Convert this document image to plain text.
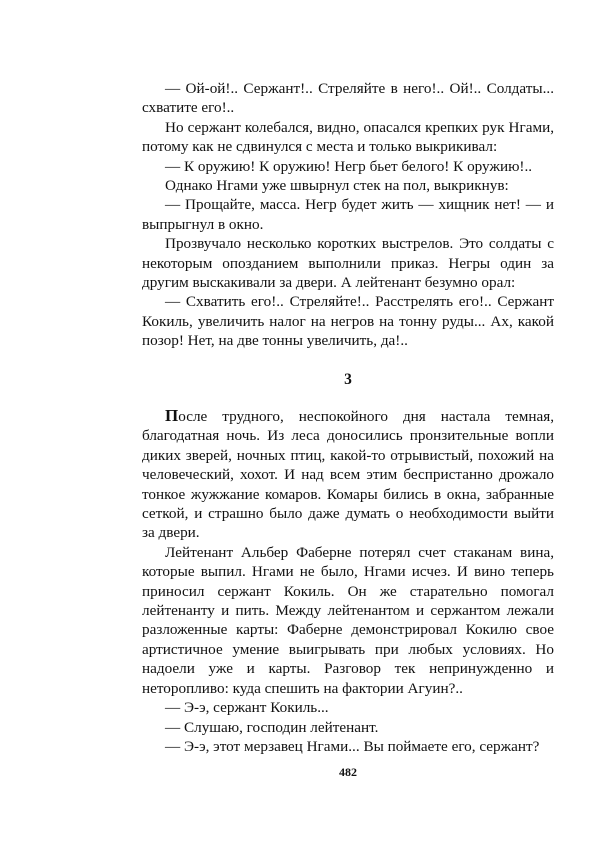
— Ой-ой!.. Сержант!.. Стреляйте в него!.. Ой!.. Солдаты... схватите его!..

Но сержант колебался, видно, опасался крепких рук Нгами, потому как не сдвинулся с места и только выкрикивал:

— К оружию! К оружию! Негр бьет белого! К оружию!..

Однако Нгами уже швырнул стек на пол, выкрикнув:

— Прощайте, масса. Негр будет жить — хищник нет! — и выпрыгнул в окно.

Прозвучало несколько коротких выстрелов. Это солдаты с некоторым опозданием выполнили приказ. Негры один за другим выскакивали за двери. А лейтенант безумно орал:

— Схватить его!.. Стреляйте!.. Расстрелять его!.. Сержант Кокиль, увеличить налог на негров на тонну руды... Ах, какой позор! Нет, на две тонны увеличить, да!..

3

После трудного, неспокойного дня настала темная, благодатная ночь. Из леса доносились пронзительные вопли диких зверей, ночных птиц, какой-то отрывистый, похожий на человеческий, хохот. И над всем этим беспристанно дрожало тонкое жужжание комаров. Комары бились в окна, забранные сеткой, и страшно было даже думать о необходимости выйти за двери.

Лейтенант Альбер Фаберне потерял счет стаканам вина, которые выпил. Нгами не было, Нгами исчез. И вино теперь приносил сержант Кокиль. Он же старательно помогал лейтенанту и пить. Между лейтенантом и сержантом лежали разложенные карты: Фаберне демонстрировал Кокилю свое артистичное умение выигрывать при любых условиях. Но надоели уже и карты. Разговор тек непринужденно и неторопливо: куда спешить на фактории Агуин?..

— Э-э, сержант Кокиль...

— Слушаю, господин лейтенант.

— Э-э, этот мерзавец Нгами... Вы поймаете его, сержант?

482
